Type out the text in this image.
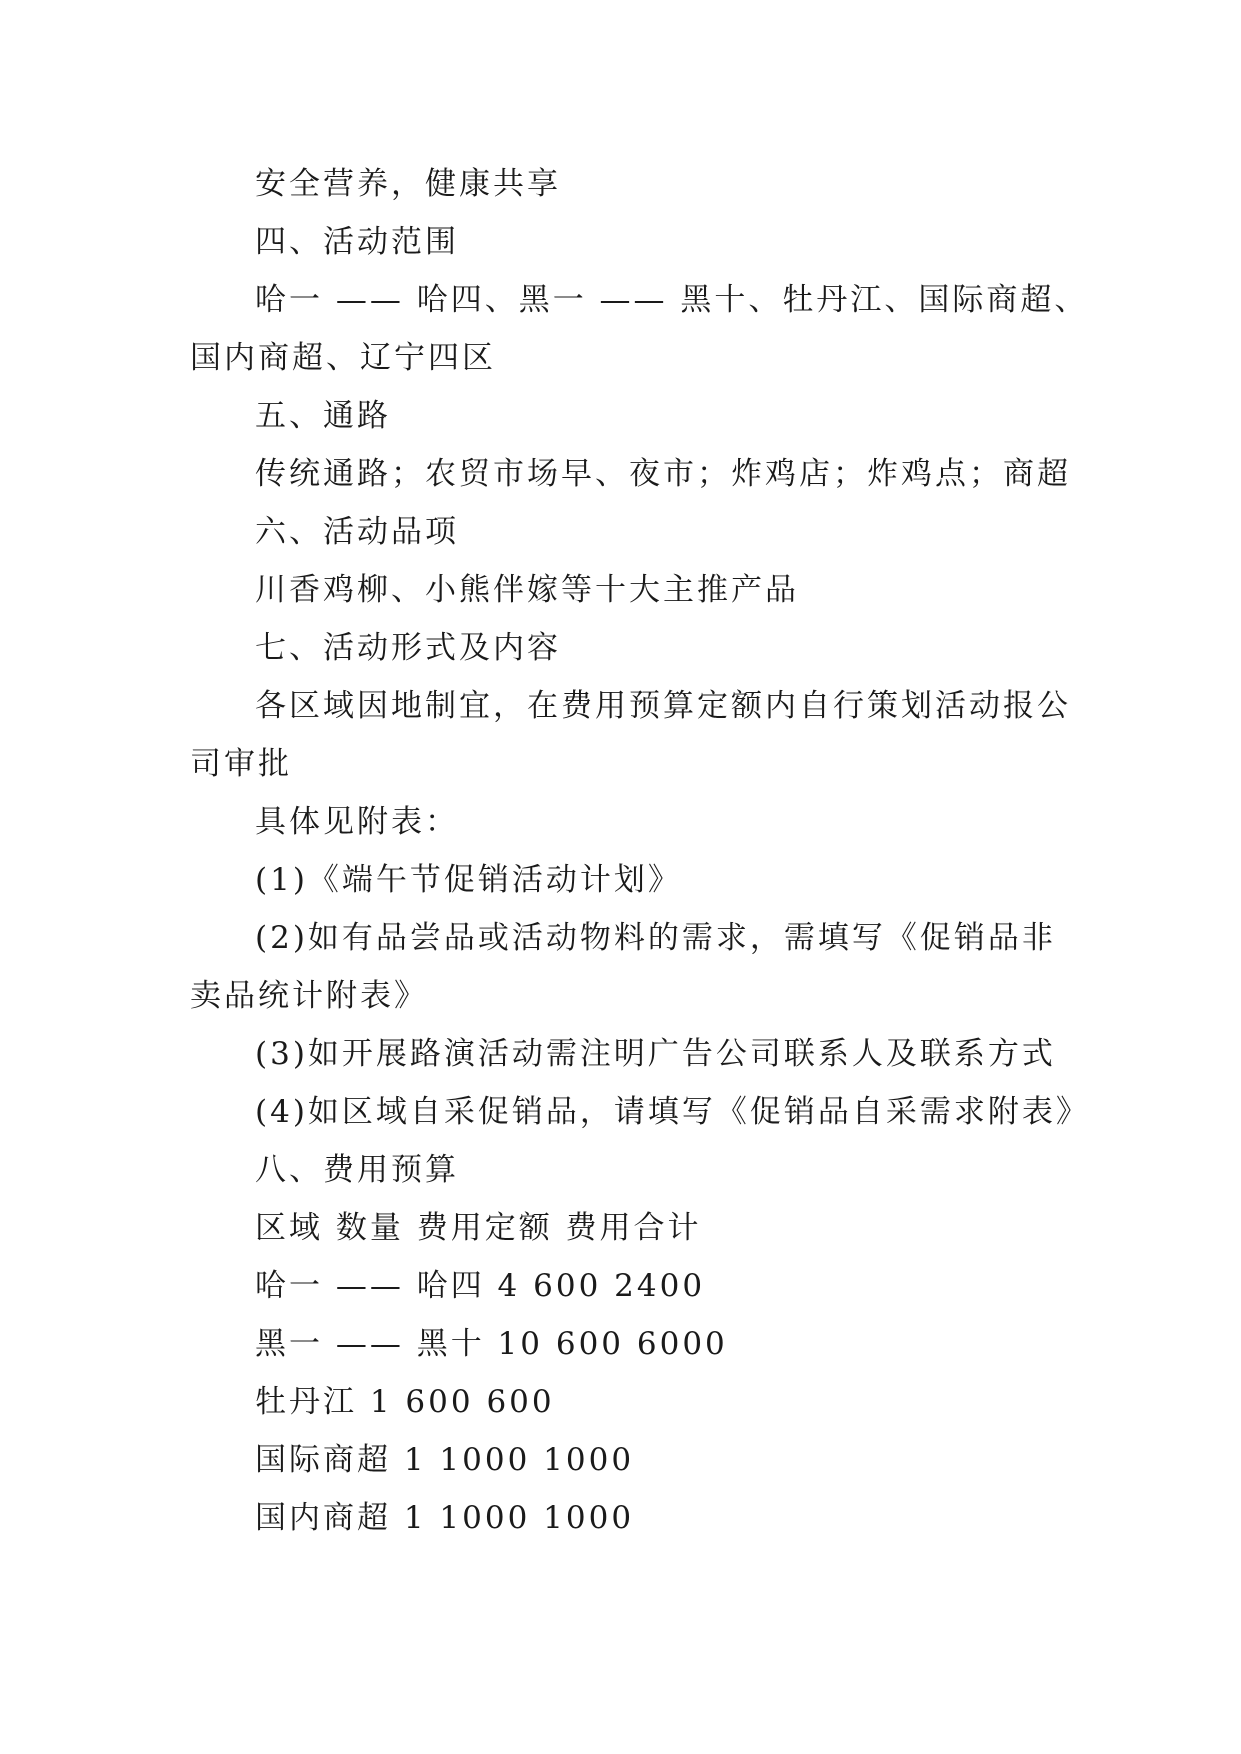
安全营养，健康共享
四、活动范围
哈一 —— 哈四、黑一 —— 黑十、牡丹江、国际商超、
国内商超、辽宁四区
五、通路
传统通路；农贸市场早、夜市；炸鸡店；炸鸡点；商超
六、活动品项
川香鸡柳、小熊伴嫁等十大主推产品
七、活动形式及内容
各区域因地制宜，在费用预算定额内自行策划活动报公
司审批
具体见附表：
(1)《端午节促销活动计划》
(2)如有品尝品或活动物料的需求，需填写《促销品非
卖品统计附表》
(3)如开展路演活动需注明广告公司联系人及联系方式
(4)如区域自采促销品，请填写《促销品自采需求附表》
八、费用预算
区域 数量 费用定额 费用合计
哈一 —— 哈四 4 600 2400
黑一 —— 黑十 10 600 6000
牡丹江 1 600 600
国际商超 1 1000 1000
国内商超 1 1000 1000
